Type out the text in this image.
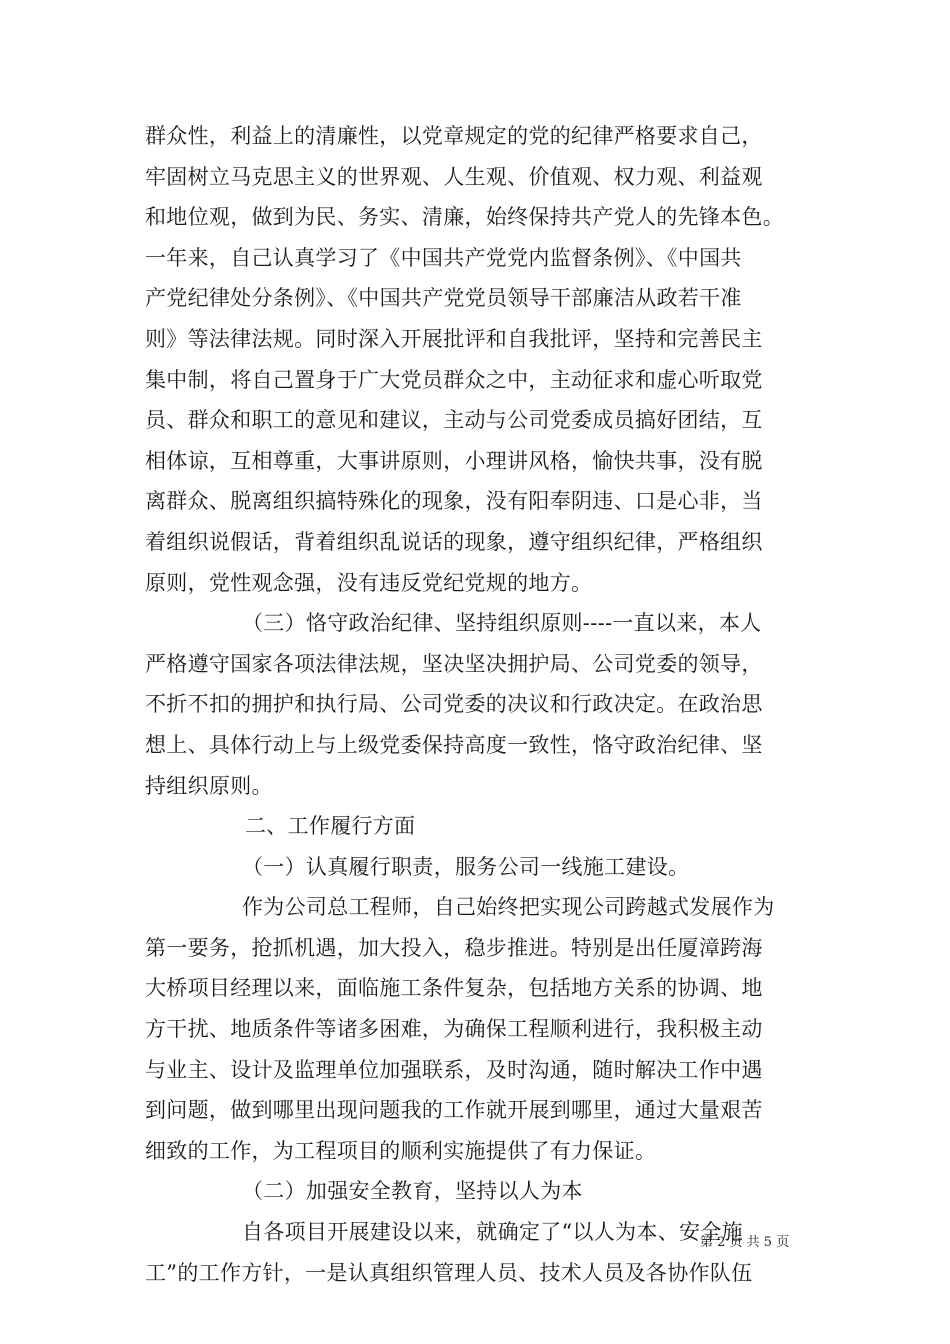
群众性，利益上的清廉性，以党章规定的党的纪律严格要求自己，
牢固树立马克思主义的世界观、人生观、价值观、权力观、利益观
和地位观，做到为民、务实、清廉，始终保持共产党人的先锋本色。
一年来，自己认真学习了《中国共产党党内监督条例》、《中国共
产党纪律处分条例》、《中国共产党党员领导干部廉洁从政若干准
则》等法律法规。同时深入开展批评和自我批评，坚持和完善民主
集中制，将自己置身于广大党员群众之中，主动征求和虚心听取党
员、群众和职工的意见和建议，主动与公司党委成员搞好团结，互
相体谅，互相尊重，大事讲原则，小理讲风格，愉快共事，没有脱
离群众、脱离组织搞特殊化的现象，没有阳奉阴违、口是心非，当
着组织说假话，背着组织乱说话的现象，遵守组织纪律，严格组织
原则，党性观念强，没有违反党纪党规的地方。
（三）恪守政治纪律、坚持组织原则----一直以来，本人
严格遵守国家各项法律法规，坚决坚决拥护局、公司党委的领导，
不折不扣的拥护和执行局、公司党委的决议和行政决定。在政治思
想上、具体行动上与上级党委保持高度一致性，恪守政治纪律、坚
持组织原则。
二、工作履行方面
（一）认真履行职责，服务公司一线施工建设。
作为公司总工程师，自己始终把实现公司跨越式发展作为
第一要务，抢抓机遇，加大投入，稳步推进。特别是出任厦漳跨海
大桥项目经理以来，面临施工条件复杂，包括地方关系的协调、地
方干扰、地质条件等诸多困难，为确保工程顺利进行，我积极主动
与业主、设计及监理单位加强联系，及时沟通，随时解决工作中遇
到问题，做到哪里出现问题我的工作就开展到哪里，通过大量艰苦
细致的工作，为工程项目的顺利实施提供了有力保证。
（二）加强安全教育，坚持以人为本
自各项目开展建设以来，就确定了“以人为本、安全施
工”的工作方针，一是认真组织管理人员、技术人员及各协作队伍
第 2 页 共 5 页
